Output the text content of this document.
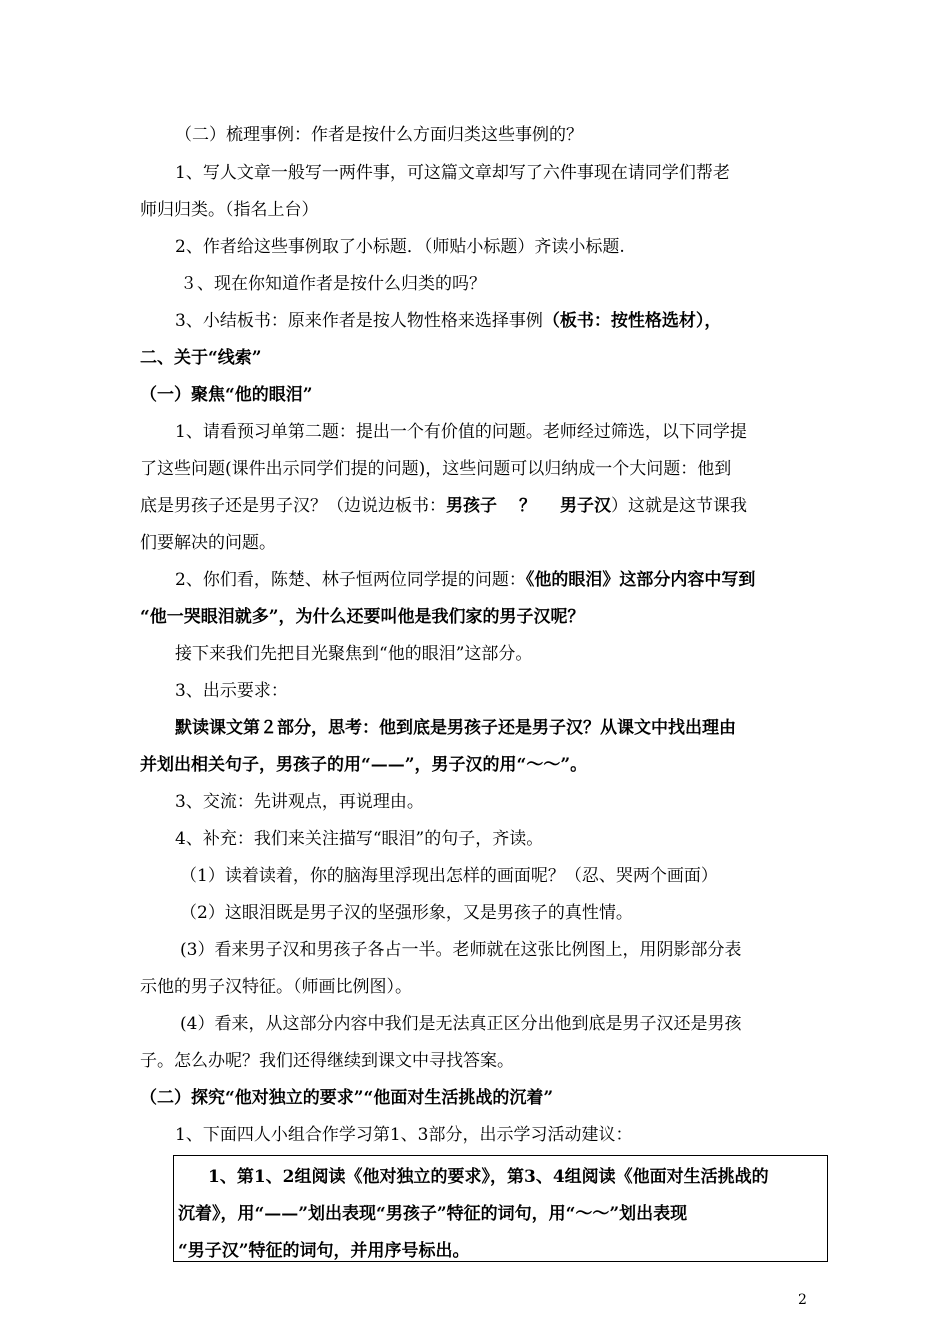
（二）梳理事例：作者是按什么方面归类这些事例的？
1、写人文章一般写一两件事，可这篇文章却写了六件事现在请同学们帮老
师归归类。（指名上台）
2、作者给这些事例取了小标题．（师贴小标题）齐读小标题.
３、现在你知道作者是按什么归类的吗？
3、小结板书：原来作者是按人物性格来选择事例（板书：按性格选材），
二、关于“线索”
（一）聚焦“他的眼泪”
1、请看预习单第二题：提出一个有价值的问题。老师经过筛选，以下同学提
了这些问题(课件出示同学们提的问题)，这些问题可以归纳成一个大问题：他到
底是男孩子还是男子汉？（边说边板书：男孩子 ？ 男子汉）这就是这节课我
们要解决的问题。
2、你们看，陈楚、林子恒两位同学提的问题：《他的眼泪》这部分内容中写到
“他一哭眼泪就多”，为什么还要叫他是我们家的男子汉呢？
接下来我们先把目光聚焦到“他的眼泪”这部分。
3、出示要求：
默读课文第２部分，思考：他到底是男孩子还是男子汉？从课文中找出理由
并划出相关句子，男孩子的用“——”，男子汉的用“～～”。
3、交流：先讲观点，再说理由。
4、补充：我们来关注描写“眼泪”的句子，齐读。
（1）读着读着，你的脑海里浮现出怎样的画面呢？（忍、哭两个画面）
（2）这眼泪既是男子汉的坚强形象，又是男孩子的真性情。
(3）看来男子汉和男孩子各占一半。老师就在这张比例图上，用阴影部分表
示他的男子汉特征。（师画比例图）。
(4）看来，从这部分内容中我们是无法真正区分出他到底是男子汉还是男孩
子。怎么办呢？我们还得继续到课文中寻找答案。
（二）探究“他对独立的要求”“他面对生活挑战的沉着”
1、下面四人小组合作学习第1、3部分，出示学习活动建议：
1、第1、2组阅读《他对独立的要求》，第3、4组阅读《他面对生活挑战的
沉着》，用“——”划出表现“男孩子”特征的词句，用“～～”划出表现
“男子汉”特征的词句，并用序号标出。
2
